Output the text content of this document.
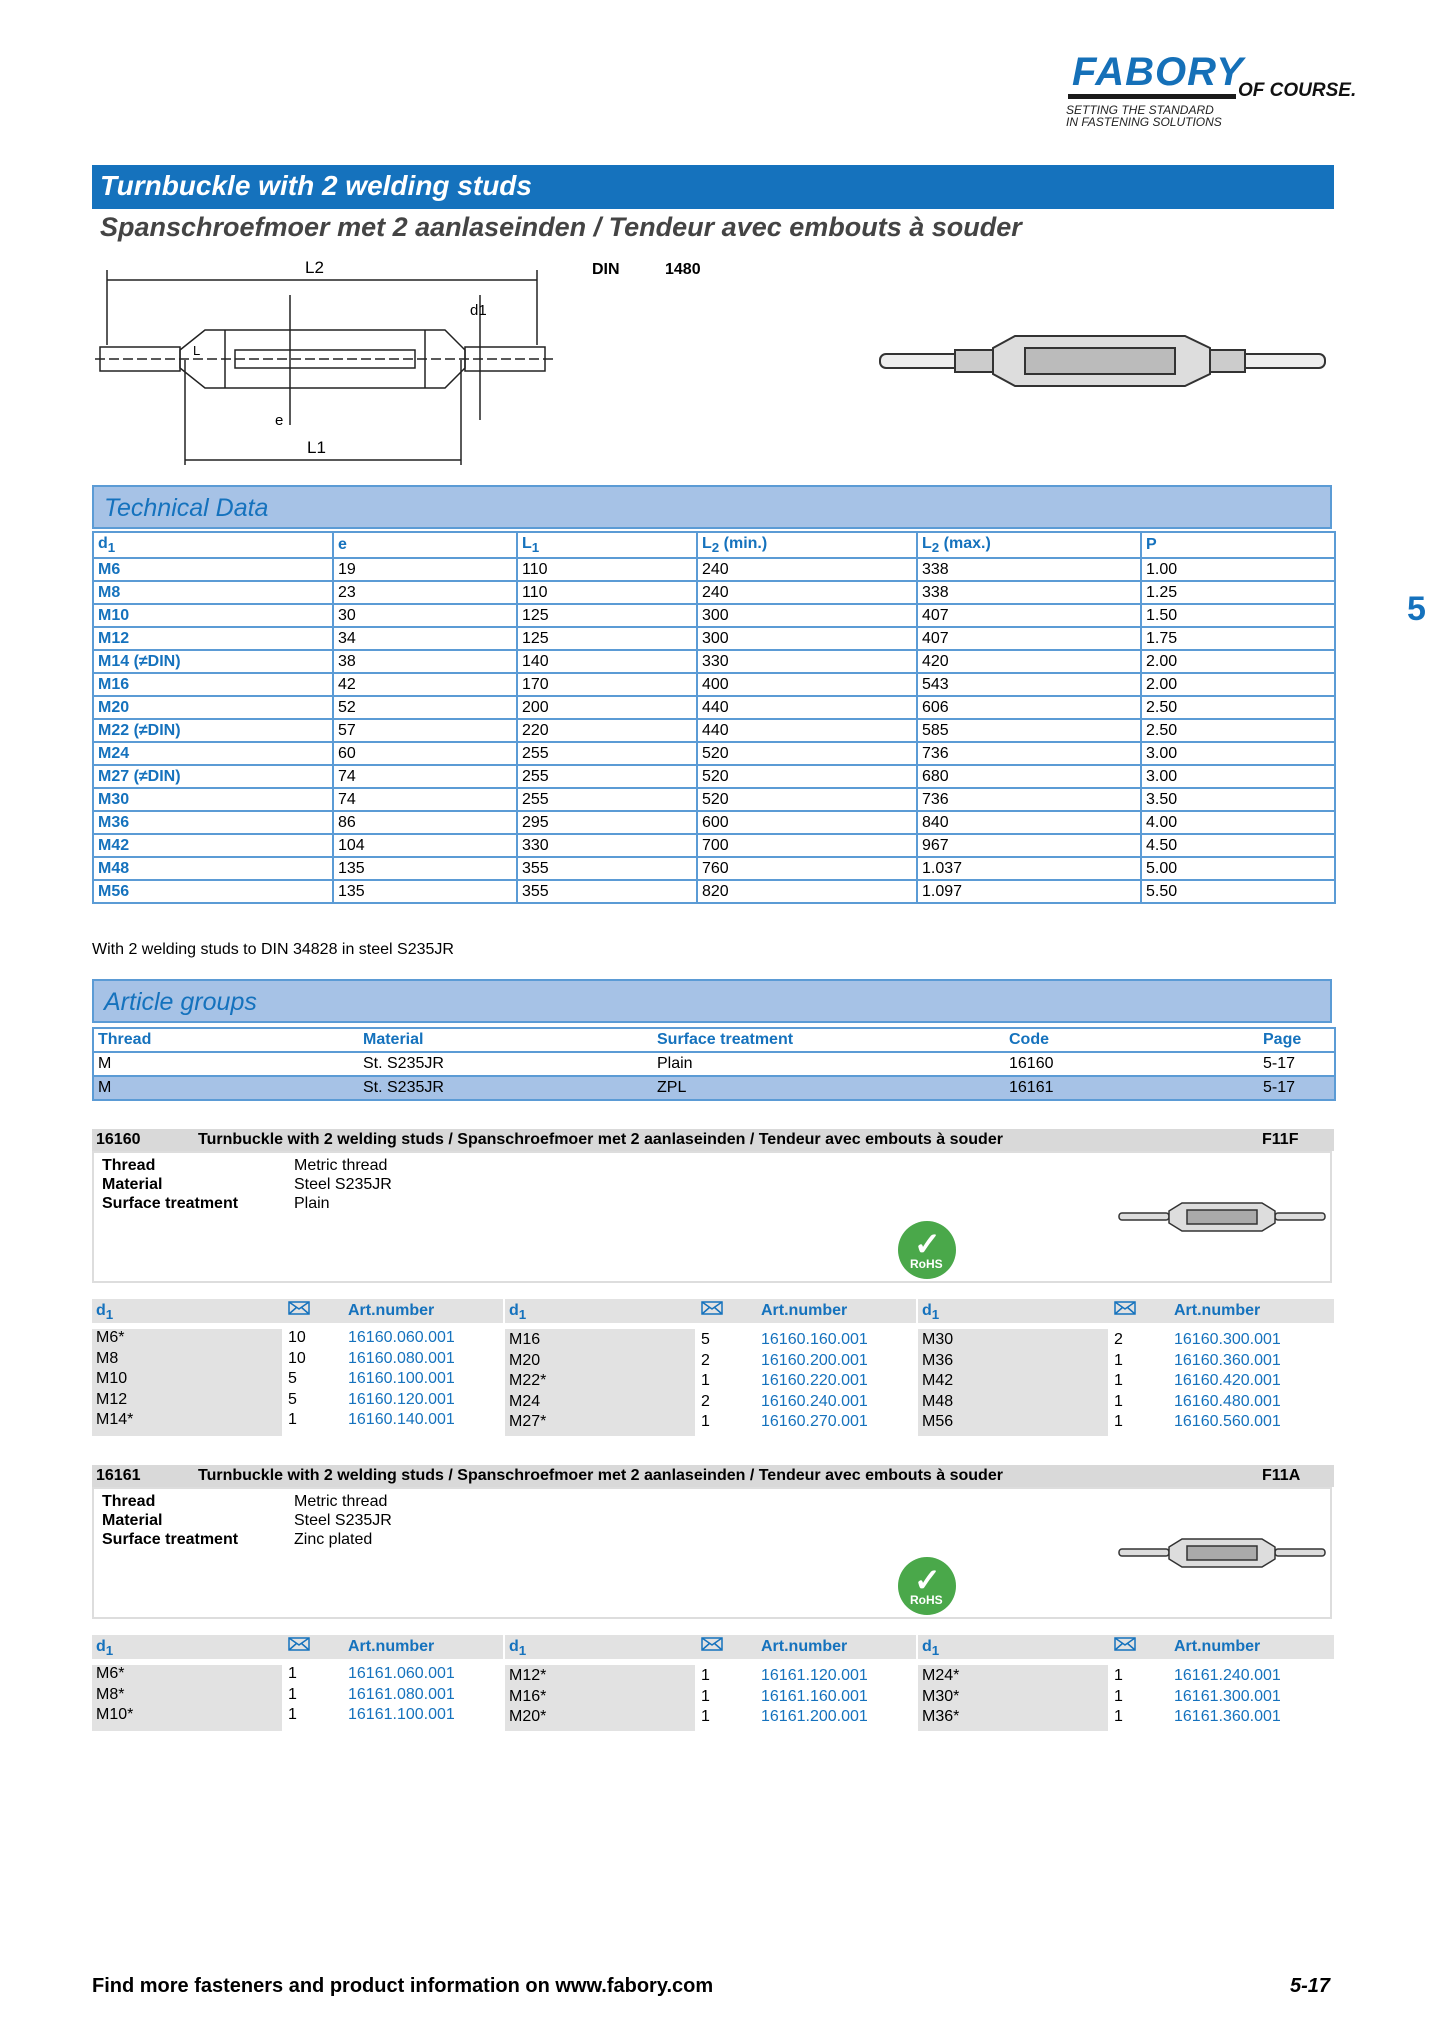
FABORY
OF COURSE.
SETTING THE STANDARD
IN FASTENING SOLUTIONS
Turnbuckle with 2 welding studs
Spanschroefmoer met 2 aanlaseinden / Tendeur avec embouts à souder
DIN	1480
L2
L1
d1
e
L
5
Technical Data
$d_1$	e	$L_1$	$L_2$ (min.)	$L_2$ (max.)	P
M6	19	110	240	338	1.00
M8	23	110	240	338	1.25
M10	30	125	300	407	1.50
M12	34	125	300	407	1.75
M14 (≠DIN)	38	140	330	420	2.00
M16	42	170	400	543	2.00
M20	52	200	440	606	2.50
M22 (≠DIN)	57	220	440	585	2.50
M24	60	255	520	736	3.00
M27 (≠DIN)	74	255	520	680	3.00
M30	74	255	520	736	3.50
M36	86	295	600	840	4.00
M42	104	330	700	967	4.50
M48	135	355	760	1.037	5.00
M56	135	355	820	1.097	5.50
With 2 welding studs to DIN 34828 in steel S235JR
Article groups
Thread	Material	Surface treatment	Code	Page
M	St. S235JR	Plain	16160	5-17
M	St. S235JR	ZPL	16161	5-17
16160	Turnbuckle with 2 welding studs / Spanschroefmoer met 2 aanlaseinden / Tendeur avec embouts à souder	F11F
Thread	Metric thread
Material	Steel S235JR
Surface treatment	Plain
✓
RoHS
$d_1$	Art.number
M6*	10	16160.060.001
M8	10	16160.080.001
M10	5	16160.100.001
M12	5	16160.120.001
M14*	1	16160.140.001
$d_1$	Art.number
M16	5	16160.160.001
M20	2	16160.200.001
M22*	1	16160.220.001
M24	2	16160.240.001
M27*	1	16160.270.001
$d_1$	Art.number
M30	2	16160.300.001
M36	1	16160.360.001
M42	1	16160.420.001
M48	1	16160.480.001
M56	1	16160.560.001
16161	Turnbuckle with 2 welding studs / Spanschroefmoer met 2 aanlaseinden / Tendeur avec embouts à souder	F11A
Thread	Metric thread
Material	Steel S235JR
Surface treatment	Zinc plated
✓
RoHS
$d_1$	Art.number
M6*	1	16161.060.001
M8*	1	16161.080.001
M10*	1	16161.100.001
$d_1$	Art.number
M12*	1	16161.120.001
M16*	1	16161.160.001
M20*	1	16161.200.001
$d_1$	Art.number
M24*	1	16161.240.001
M30*	1	16161.300.001
M36*	1	16161.360.001
Find more fasteners and product information on www.fabory.com	5-17
